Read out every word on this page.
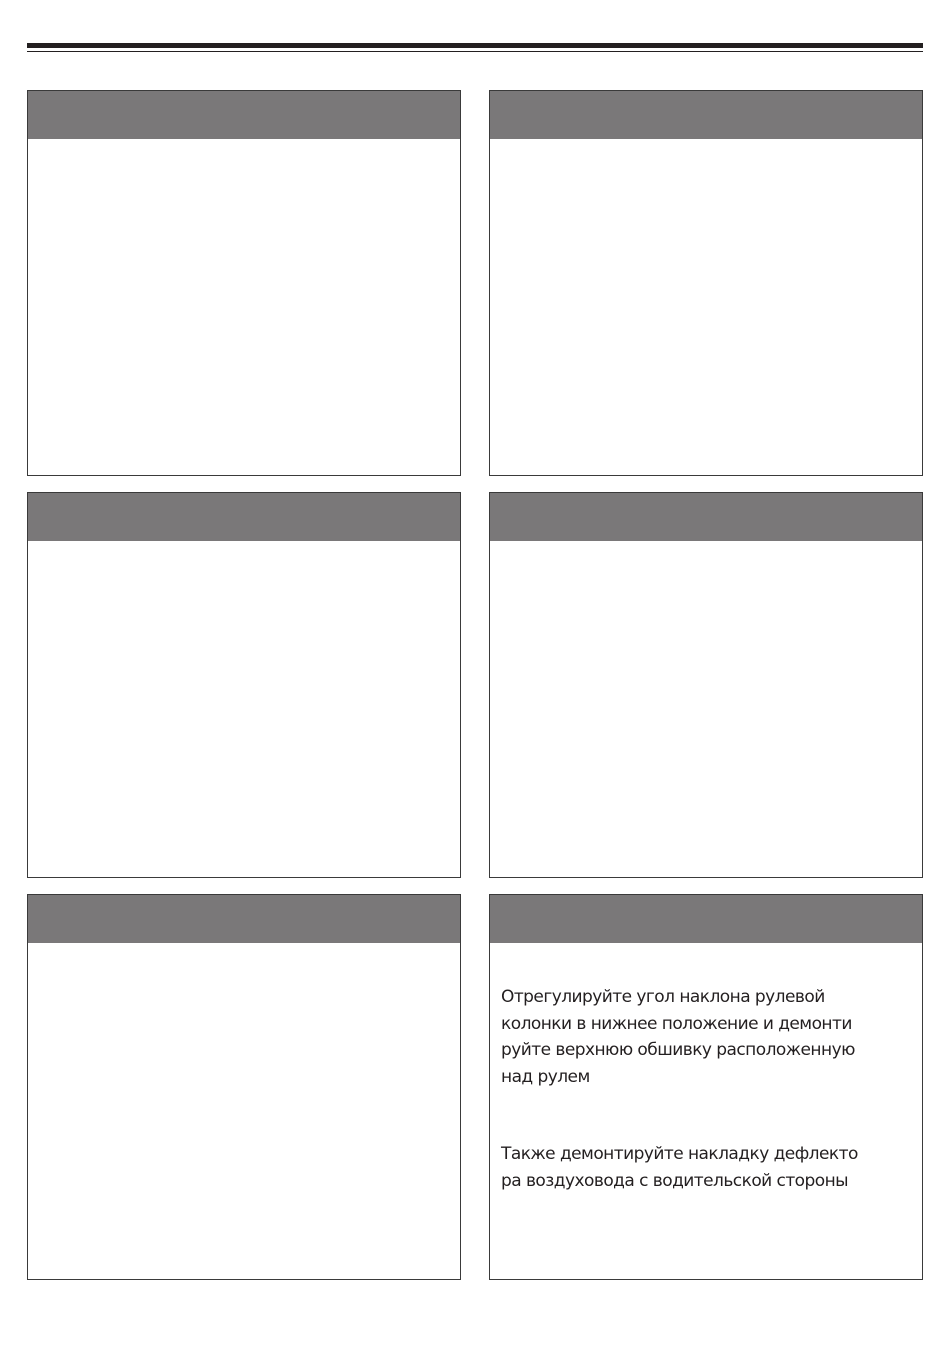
Отрегулируйте угол наклона рулевой
колонки в нижнее положение и демонти
руйте верхнюю обшивку расположенную
над рулем

Также демонтируйте накладку дефлекто
ра воздуховода с водительской стороны
